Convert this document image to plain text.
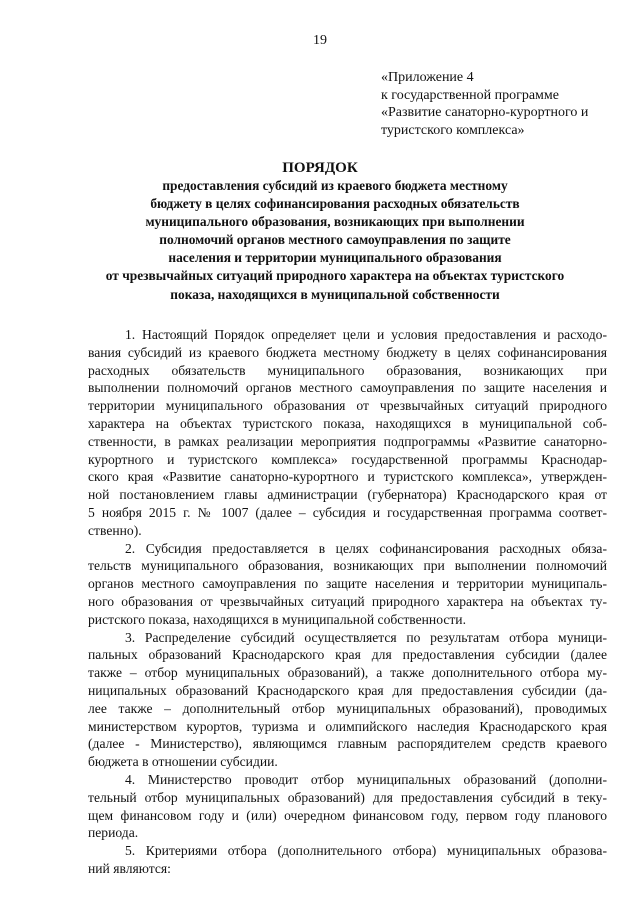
19
«Приложение 4
к государственной программе
«Развитие санаторно-курортного и
туристского комплекса»
ПОРЯДОК
предоставления субсидий из краевого бюджета местному
бюджету в целях софинансирования расходных обязательств
муниципального образования, возникающих при выполнении
полномочий органов местного самоуправления по защите
населения и территории муниципального образования
от чрезвычайных ситуаций природного характера на объектах туристского
показа, находящихся в муниципальной собственности
1. Настоящий Порядок определяет цели и условия предоставления и расходо-
вания субсидий из краевого бюджета местному бюджету в целях софинансирования
расходных обязательств муниципального образования, возникающих при
выполнении полномочий органов местного самоуправления по защите населения и
территории муниципального образования от чрезвычайных ситуаций природного
характера на объектах туристского показа, находящихся в муниципальной соб-
ственности, в рамках реализации мероприятия подпрограммы «Развитие санаторно-
курортного и туристского комплекса» государственной программы Краснодар-
ского края «Развитие санаторно-курортного и туристского комплекса», утвержден-
ной постановлением главы администрации (губернатора) Краснодарского края от
5 ноября 2015 г. № 1007 (далее – субсидия и государственная программа соответ-
ственно).
2. Субсидия предоставляется в целях софинансирования расходных обяза-
тельств муниципального образования, возникающих при выполнении полномочий
органов местного самоуправления по защите населения и территории муниципаль-
ного образования от чрезвычайных ситуаций природного характера на объектах ту-
ристского показа, находящихся в муниципальной собственности.
3. Распределение субсидий осуществляется по результатам отбора муници-
пальных образований Краснодарского края для предоставления субсидии (далее
также – отбор муниципальных образований), а также дополнительного отбора му-
ниципальных образований Краснодарского края для предоставления субсидии (да-
лее также – дополнительный отбор муниципальных образований), проводимых
министерством курортов, туризма и олимпийского наследия Краснодарского края
(далее - Министерство), являющимся главным распорядителем средств краевого
бюджета в отношении субсидии.
4. Министерство проводит отбор муниципальных образований (дополни-
тельный отбор муниципальных образований) для предоставления субсидий в теку-
щем финансовом году и (или) очередном финансовом году, первом году планового
периода.
5. Критериями отбора (дополнительного отбора) муниципальных образова-
ний являются:
